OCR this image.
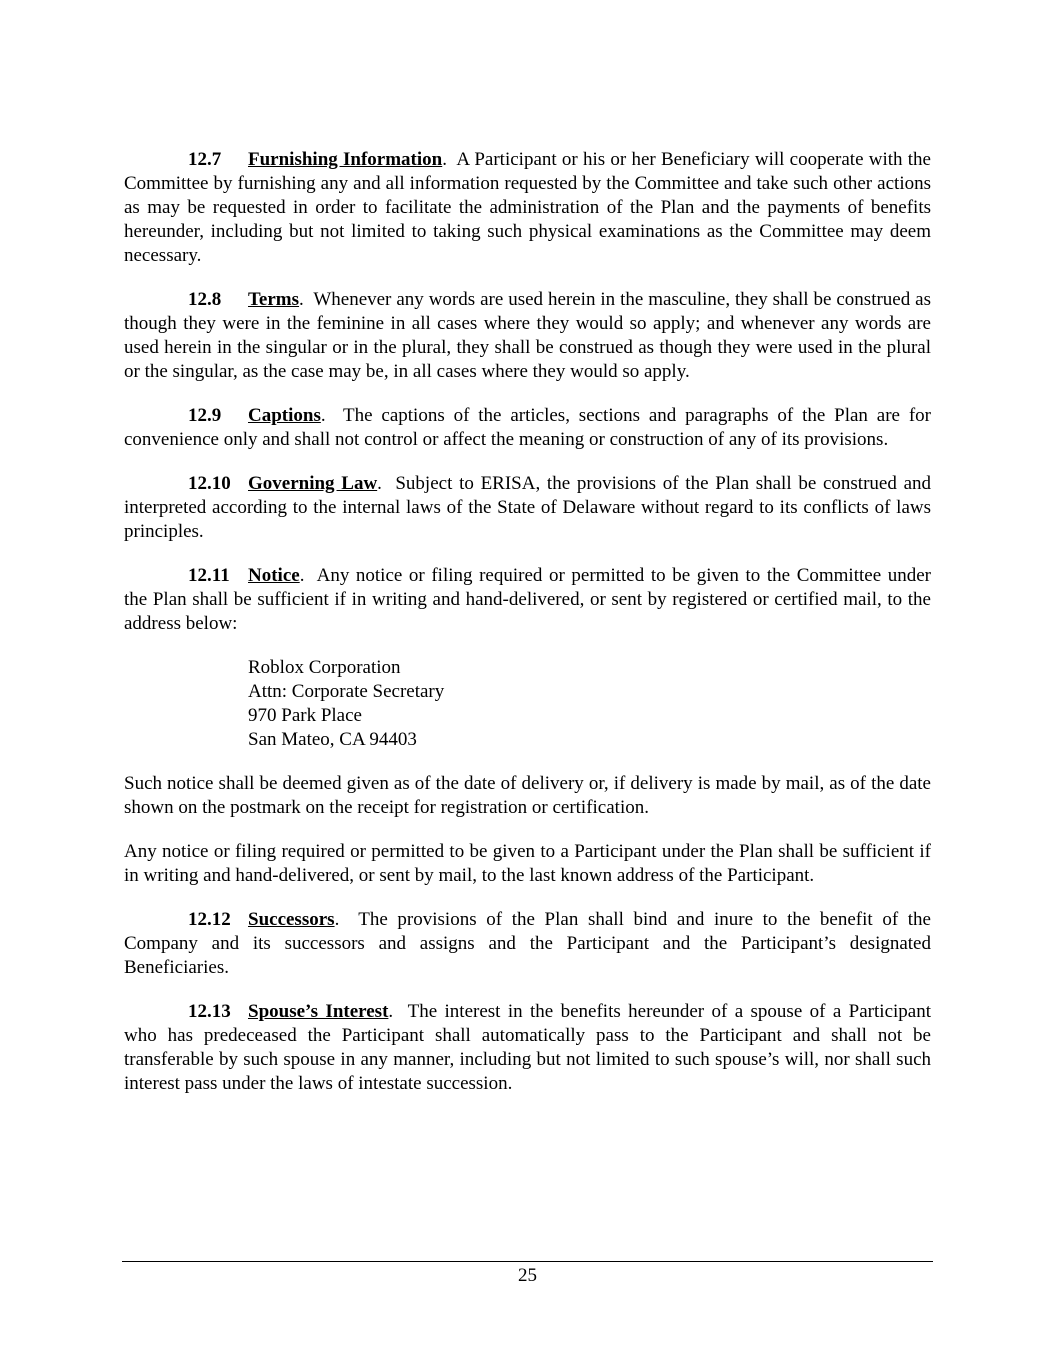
12.7 Furnishing Information.  A Participant or his or her Beneficiary will cooperate with the Committee by furnishing any and all information requested by the Committee and take such other actions as may be requested in order to facilitate the administration of the Plan and the payments of benefits hereunder, including but not limited to taking such physical examinations as the Committee may deem necessary.

12.8 Terms.  Whenever any words are used herein in the masculine, they shall be construed as though they were in the feminine in all cases where they would so apply; and whenever any words are used herein in the singular or in the plural, they shall be construed as though they were used in the plural or the singular, as the case may be, in all cases where they would so apply.

12.9 Captions.  The captions of the articles, sections and paragraphs of the Plan are for convenience only and shall not control or affect the meaning or construction of any of its provisions.

12.10 Governing Law.  Subject to ERISA, the provisions of the Plan shall be construed and interpreted according to the internal laws of the State of Delaware without regard to its conflicts of laws principles.

12.11 Notice.  Any notice or filing required or permitted to be given to the Committee under the Plan shall be sufficient if in writing and hand-delivered, or sent by registered or certified mail, to the address below:

Roblox Corporation
Attn: Corporate Secretary
970 Park Place
San Mateo, CA 94403

Such notice shall be deemed given as of the date of delivery or, if delivery is made by mail, as of the date shown on the postmark on the receipt for registration or certification.

Any notice or filing required or permitted to be given to a Participant under the Plan shall be sufficient if in writing and hand-delivered, or sent by mail, to the last known address of the Participant.

12.12 Successors.  The provisions of the Plan shall bind and inure to the benefit of the Company and its successors and assigns and the Participant and the Participant’s designated Beneficiaries.

12.13 Spouse’s Interest.  The interest in the benefits hereunder of a spouse of a Participant who has predeceased the Participant shall automatically pass to the Participant and shall not be transferable by such spouse in any manner, including but not limited to such spouse’s will, nor shall such interest pass under the laws of intestate succession.

25
